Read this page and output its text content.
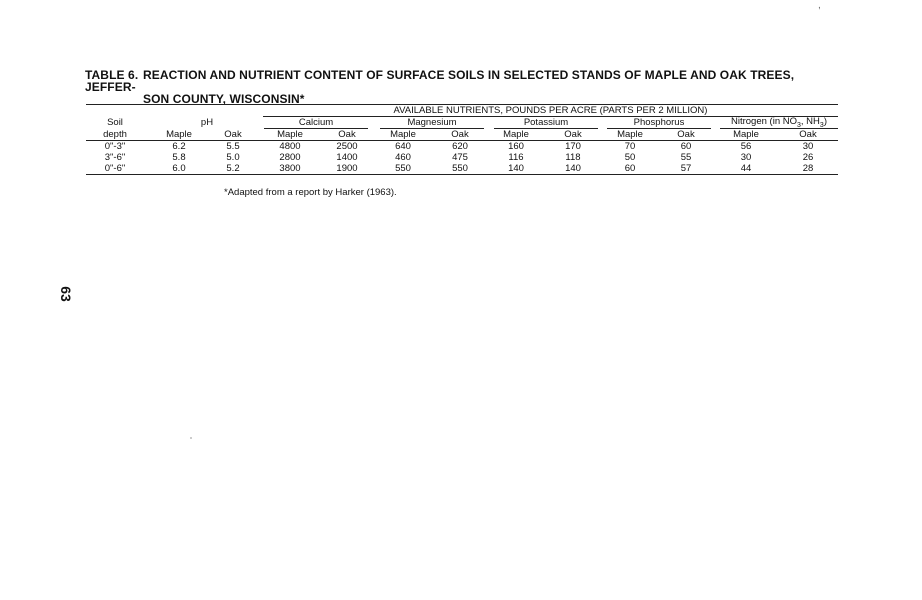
,
TABLE 6. REACTION AND NUTRIENT CONTENT OF SURFACE SOILS IN SELECTED STANDS OF MAPLE AND OAK TREES, JEFFER-
SON COUNTY, WISCONSIN*
AVAILABLE NUTRIENTS, POUNDS PER ACRE (PARTS PER 2 MILLION)
Soil
depth
pH	Calcium	Magnesium	Potassium	Phosphorus	Nitrogen (in $NO_3$, $NH_3$)
Maple	Oak	Maple	Oak	Maple	Oak	Maple	Oak	Maple	Oak	Maple	Oak
0"-3"	6.2	5.5	4800	2500	640	620	160	170	70	60	56	30
3"-6"	5.8	5.0	2800	1400	460	475	116	118	50	55	30	26
0"-6"	6.0	5.2	3800	1900	550	550	140	140	60	57	44	28
*Adapted from a report by Harker (1963).
63
